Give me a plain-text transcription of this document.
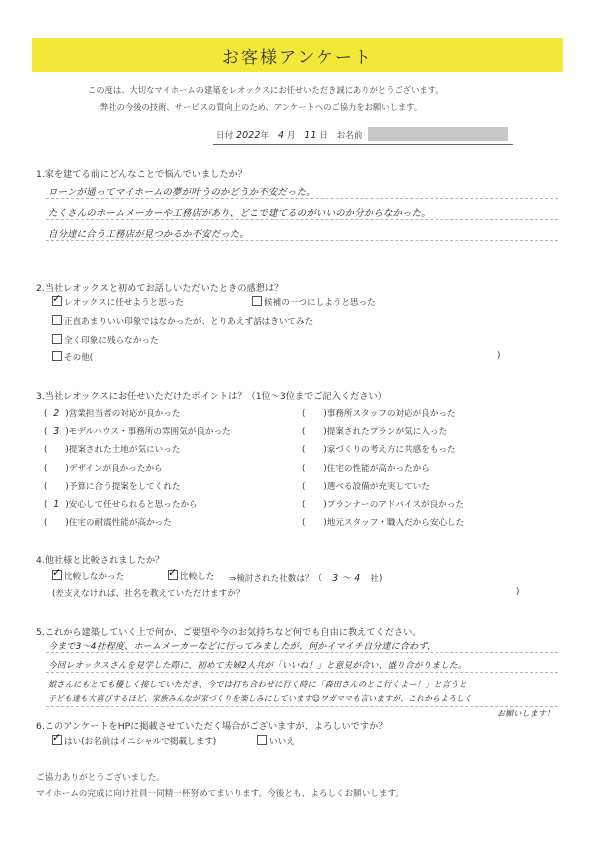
お客様アンケート
この度は、大切なマイホームの建築をレオックスにお任せいただき誠にありがとうございます。
弊社の今後の技術、サービスの質向上のため、アンケートへのご協力をお願いします。
日付 2022年 4 月 11 日 お名前
1.家を建てる前にどんなことで悩んでいましたか？
ローンが通ってマイホームの夢が叶うのかどうか不安だった。
たくさんのホームメーカーや工務店があり、どこで建てるのがいいのか分からなかった。
自分達に合う工務店が見つかるか不安だった。
2.当社レオックスと初めてお話しいただいたときの感想は？
✓レオックスに任せようと思った	候補の一つにしようと思った
正直あまりいい印象ではなかったが、とりあえず話はきいてみた
全く印象に残らなかった
その他(	)
3.当社レオックスにお任せいただけたポイントは？（1位～3位までご記入ください）
( 2 )営業担当者の対応が良かった
( 3 )モデルハウス・事務所の雰囲気が良かった
( )提案された土地が気にいった
( )デザインが良かったから
( )予算に合う提案をしてくれた
( 1 )安心して任せられると思ったから
( )住宅の耐震性能が高かった
( )事務所スタッフの対応が良かった
( )提案されたプランが気に入った
( )家づくりの考え方に共感をもった
( )住宅の性能が高かったから
( )選べる設備が充実していた
( )プランナーのアドバイスが良かった
( )地元スタッフ・職人だから安心した
4.他社様と比較されましたか？
✓比較しなかった
✓	比較した ⇒検討された社数は？（ 3 ～ 4 社)
(差支えなければ、社名を教えていただけますか？	)
5.これから建築していく上で何か、ご要望や今のお気持ちなど何でも自由に教えてください。
今まで3～4社程度、ホームメーカーなどに行ってみましたが、何かイマイチ自分達に合わず、
今回レオックスさんを見学した際に、初めて夫婦2人共が「いいね！」と意見が合い、盛り合がりました。
娘さんにもとても優しく接していただき、今では打ち合わせに行く時に「森田さんのとこ行くよー！」と言うと
子ども達も大喜びするほど、家族みんなが家づくりを楽しみにしています☺ワガママも言いますが、これからよろしく
お願いします！
6.このアンケートをHPに掲載させていただく場合がございますが、よろしいですか？
✓はい(お名前はイニシャルで掲載します)	いいえ
ご協力ありがとうございました。
マイホームの完成に向け社員一同精一杯努めてまいります。今後とも、よろしくお願いします。
